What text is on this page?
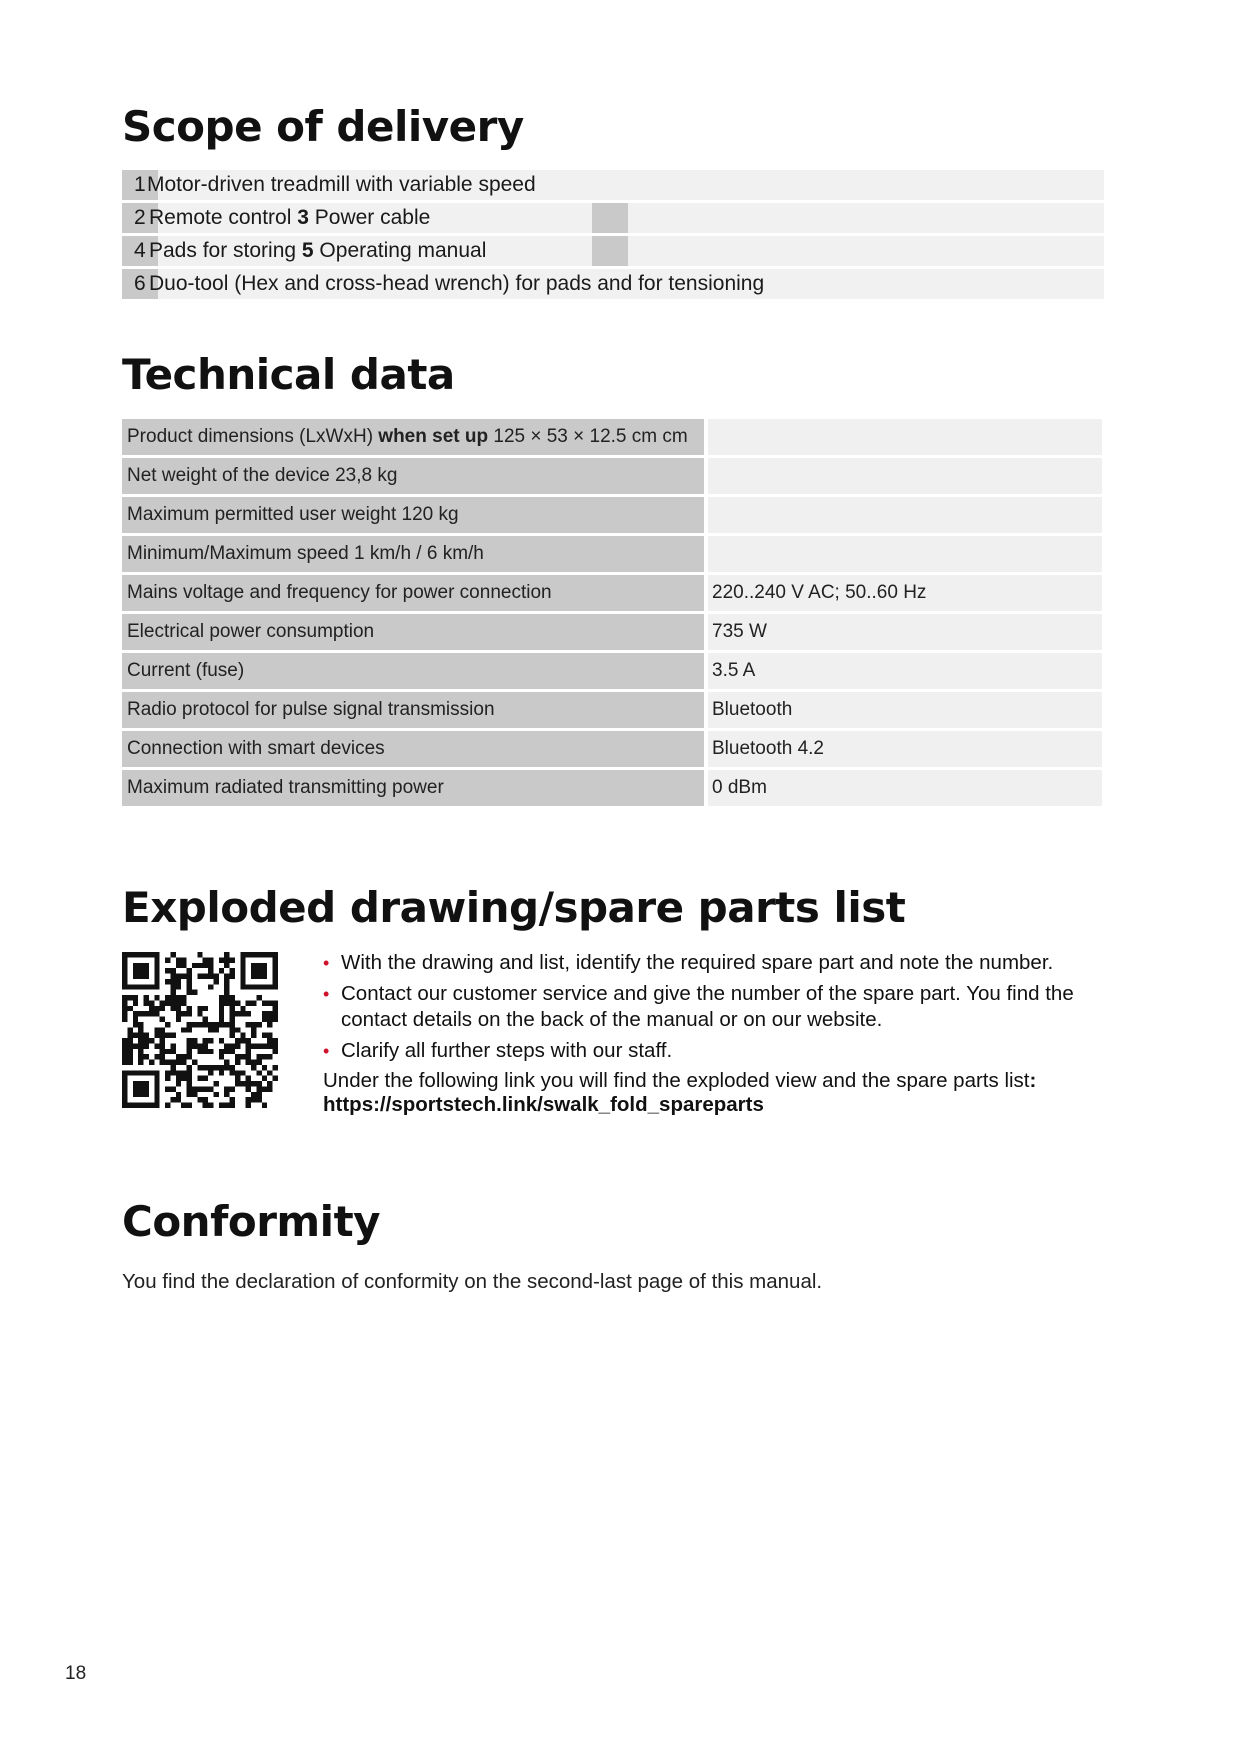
Scope of delivery
1 Motor-driven treadmill with variable speed
2 Remote control 3 Power cable
4 Pads for storing 5 Operating manual
6 Duo-tool (Hex and cross-head wrench) for pads and for tensioning
Technical data
Product dimensions (LxWxH) when set up 125 × 53 × 12.5 cm cm
Net weight of the device 23,8 kg
Maximum permitted user weight 120 kg
Minimum/Maximum speed 1 km/h / 6 km/h
Mains voltage and frequency for power connection	220..240 V AC; 50..60 Hz
Electrical power consumption	735 W
Current (fuse)	3.5 A
Radio protocol for pulse signal transmission	Bluetooth
Connection with smart devices	Bluetooth 4.2
Maximum radiated transmitting power	0 dBm
Exploded drawing/spare parts list
• With the drawing and list, identify the required spare part and note the number.
• Contact our customer service and give the number of the spare part. You find the contact details on the back of the manual or on our website.
• Clarify all further steps with our staff.
Under the following link you will find the exploded view and the spare parts list:
https://sportstech.link/swalk_fold_spareparts
Conformity
You find the declaration of conformity on the second-last page of this manual.
18
